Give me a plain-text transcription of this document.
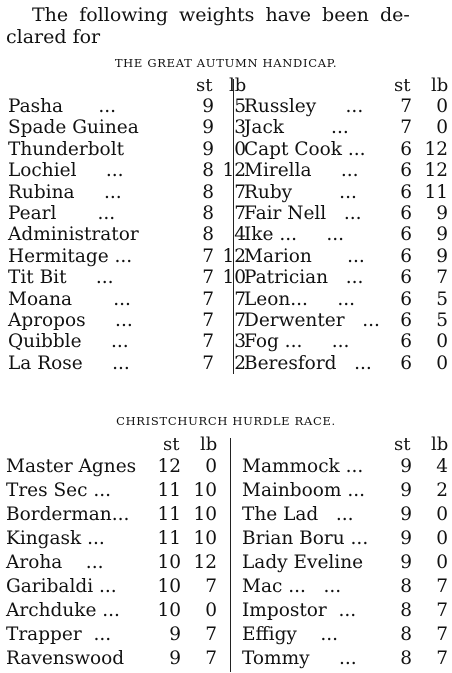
The following weights have been de-
clared for
THE GREAT AUTUMN HANDICAP.
st lb
Pasha      ...	9 5
Spade Guinea	9 3
Thunderbolt	9 0
Lochiel     ...	8 12
Rubina     ...	8 7
Pearl       ...	8 7
Administrator	8 4
Hermitage ...	7 12
Tit Bit     ...	7 10
Moana       ...	7 7
Apropos     ...	7 7
Quibble     ...	7 3
La Rose     ...	7 2
st lb
Russley     ... 7 0
Jack        ...	7 0
Capt Cook ... 6 12
Mirella     ... 6 12
Ruby        ... 6 11
Fair Nell   ... 6 9
Ike ...     ...	6 9
Marion      ... 6 9
Patrician   ... 6 7
Leon...     ... 6 5
Derwenter   ... 6 5
Fog ...     ...	6 0
Beresford   ... 6 0
CHRISTCHURCH HURDLE RACE.
st lb
Master Agnes 12 0
Tres Sec ...	11 10
Borderman... 11 10
Kingask ...	11 10
Aroha    ...	10 12
Garibaldi ... 10 7
Archduke ... 10 0
Trapper  ...	9 7
Ravenswood 9 7
st lb
Mammock ... 9 4
Mainboom ... 9 2
The Lad   ...	9 0
Brian Boru ... 9 0
Lady Eveline 9 0
Mac ...   ...	8 7
Impostor  ... 8 7
Effigy    ...	8 7
Tommy     ... 8 7
